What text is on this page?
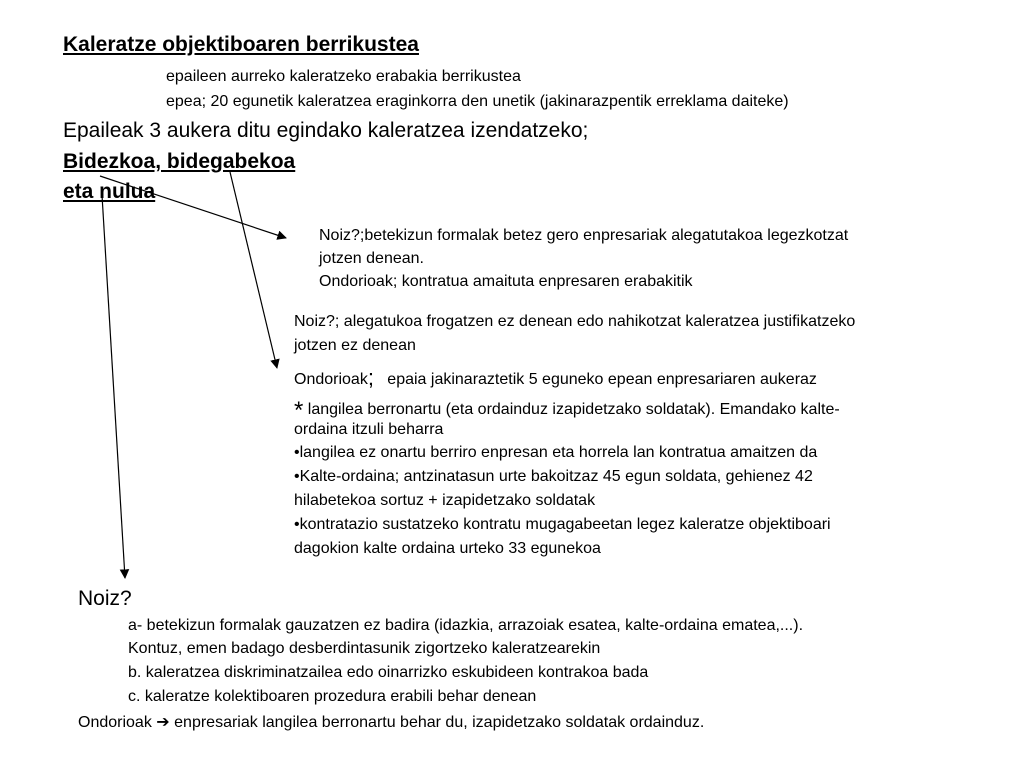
Kaleratze objektiboaren berrikustea
epaileen aurreko kaleratzeko erabakia berrikustea
epea; 20 egunetik kaleratzea eraginkorra den unetik (jakinarazpentik erreklama daiteke)
Epaileak 3 aukera ditu egindako kaleratzea izendatzeko;
Bidezkoa, bidegabekoa
eta nulua
Noiz?;betekizun formalak betez gero enpresariak alegatutakoa legezkotzat
jotzen denean.
Ondorioak; kontratua amaituta enpresaren erabakitik
Noiz?; alegatukoa frogatzen ez denean edo nahikotzat kaleratzea justifikatzeko
jotzen ez denean
Ondorioak; epaia jakinaraztetik 5 eguneko epean enpresariaren aukeraz
* langilea berronartu (eta ordainduz izapidetzako soldatak). Emandako kalte-
ordaina itzuli beharra
•langilea ez onartu berriro enpresan eta horrela lan kontratua amaitzen da
•Kalte-ordaina; antzinatasun urte bakoitzaz 45 egun soldata, gehienez 42
hilabetekoa sortuz + izapidetzako soldatak
•kontratazio sustatzeko kontratu mugagabeetan legez kaleratze objektiboari
dagokion kalte ordaina urteko 33 egunekoa
Noiz?
a- betekizun formalak gauzatzen ez badira (idazkia, arrazoiak esatea, kalte-ordaina ematea,...).
Kontuz, emen badago desberdintasunik zigortzeko kaleratzearekin
b. kaleratzea diskriminatzailea edo oinarrizko eskubideen kontrakoa bada
c. kaleratze kolektiboaren prozedura erabili behar denean
Ondorioak ➔ enpresariak langilea berronartu behar du, izapidetzako soldatak ordainduz.
